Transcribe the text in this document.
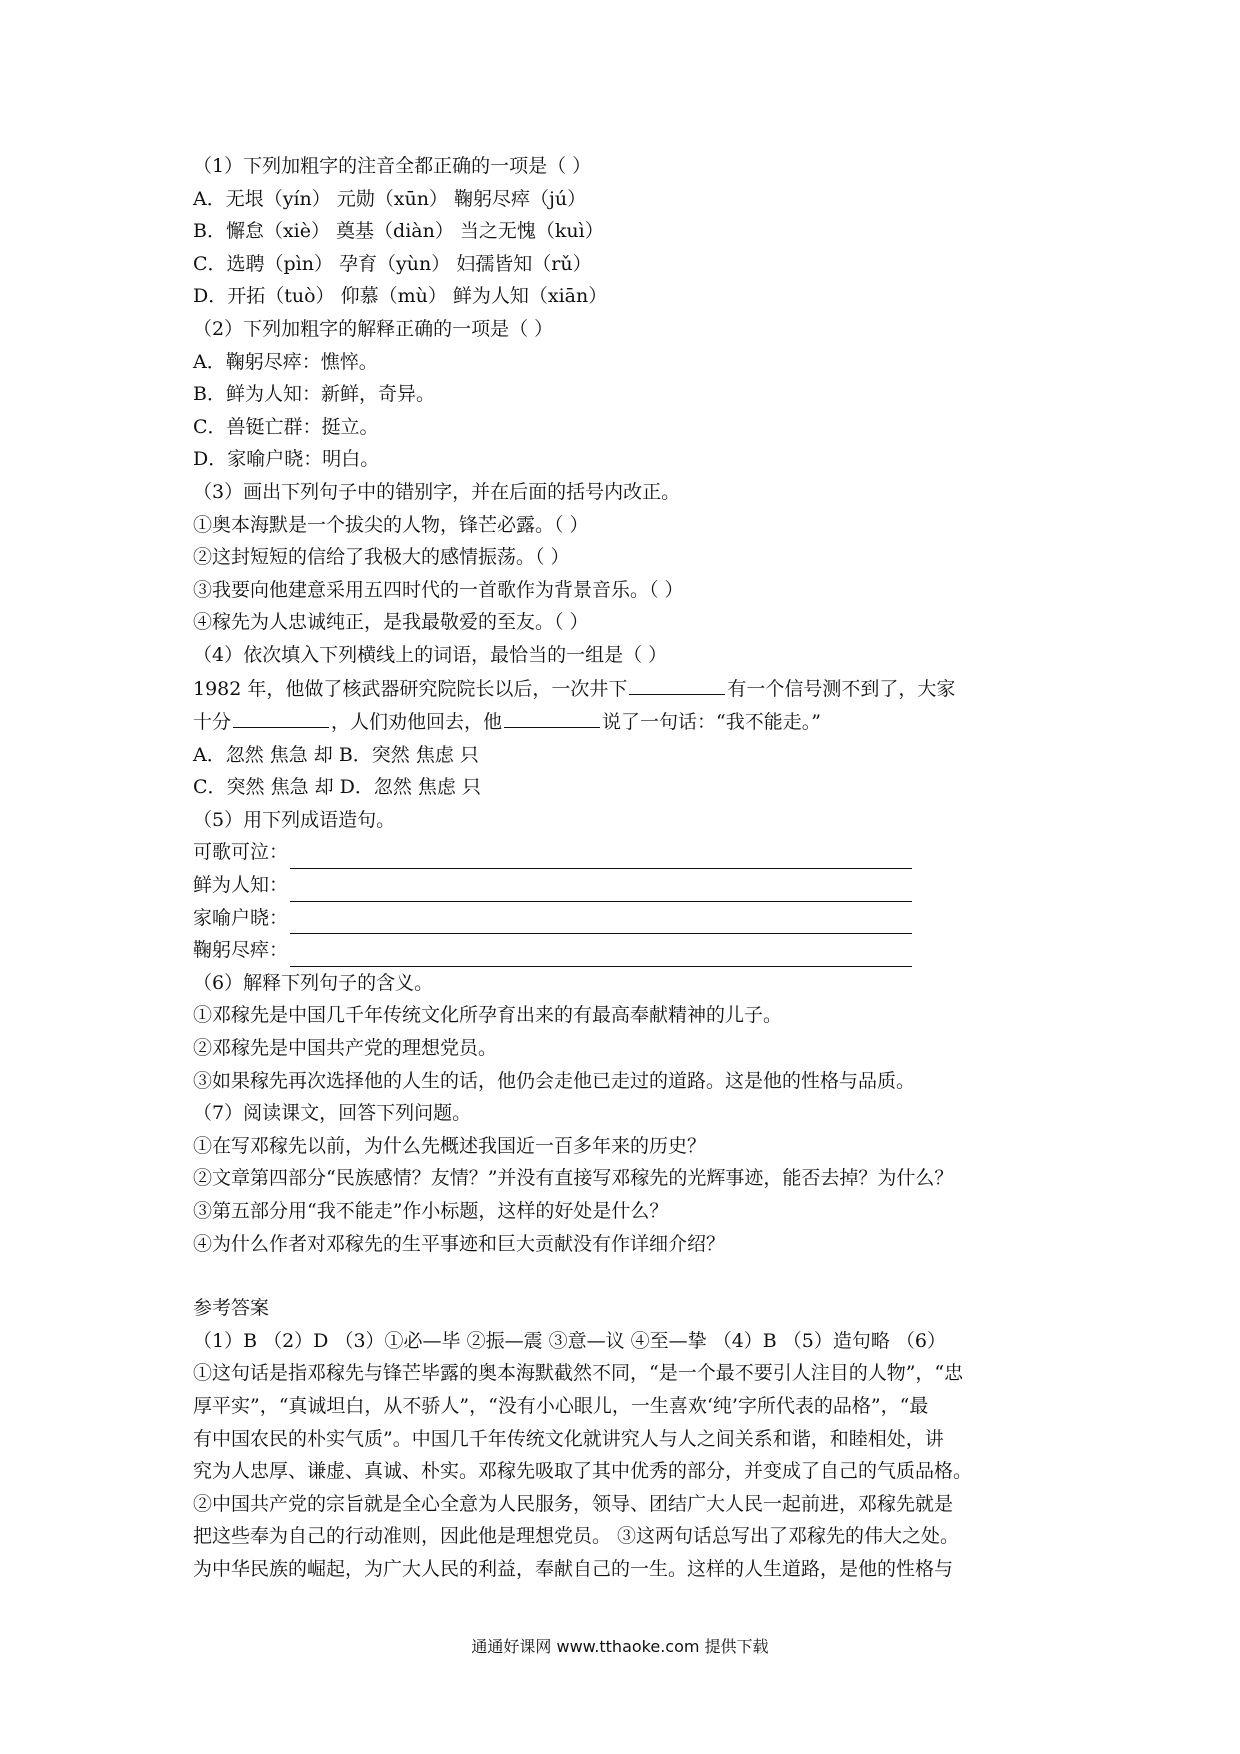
（1）下列加粗字的注音全都正确的一项是（ ）
A．无垠（yín） 元勋（xūn） 鞠躬尽瘁（jú）
B．懈怠（xiè） 奠基（diàn） 当之无愧（kuì）
C．选聘（pìn） 孕育（yùn） 妇孺皆知（rǔ）
D．开拓（tuò） 仰慕（mù） 鲜为人知（xiān）
（2）下列加粗字的解释正确的一项是（ ）
A．鞠躬尽瘁：憔悴。
B．鲜为人知：新鲜，奇异。
C．兽铤亡群：挺立。
D．家喻户晓：明白。
（3）画出下列句子中的错别字，并在后面的括号内改正。
①奥本海默是一个拔尖的人物，锋芒必露。（ ）
②这封短短的信给了我极大的感情振荡。（ ）
③我要向他建意采用五四时代的一首歌作为背景音乐。（ ）
④稼先为人忠诚纯正，是我最敬爱的至友。（ ）
（4）依次填入下列横线上的词语，最恰当的一组是（ ）
1982 年，他做了核武器研究院院长以后，一次井下	有一个信号测不到了，大家
十分	，人们劝他回去，他	说了一句话：“我不能走。”
A．忽然 焦急 却 B．突然 焦虑 只
C．突然 焦急 却 D．忽然 焦虑 只
（5）用下列成语造句。
可歌可泣：
鲜为人知：
家喻户晓：
鞠躬尽瘁：
（6）解释下列句子的含义。
①邓稼先是中国几千年传统文化所孕育出来的有最高奉献精神的儿子。
②邓稼先是中国共产党的理想党员。
③如果稼先再次选择他的人生的话，他仍会走他已走过的道路。这是他的性格与品质。
（7）阅读课文，回答下列问题。
①在写邓稼先以前，为什么先概述我国近一百多年来的历史？
②文章第四部分“民族感情？友情？”并没有直接写邓稼先的光辉事迹，能否去掉？为什么？
③第五部分用“我不能走”作小标题，这样的好处是什么？
④为什么作者对邓稼先的生平事迹和巨大贡献没有作详细介绍？
参考答案
（1）B （2）D （3）①必—毕 ②振—震 ③意—议 ④至—挚 （4）B （5）造句略 （6）
①这句话是指邓稼先与锋芒毕露的奥本海默截然不同，“是一个最不要引人注目的人物”，“忠
厚平实”，“真诚坦白，从不骄人”，“没有小心眼儿，一生喜欢‘纯’字所代表的品格”，“最
有中国农民的朴实气质”。中国几千年传统文化就讲究人与人之间关系和谐，和睦相处，讲
究为人忠厚、谦虚、真诚、朴实。邓稼先吸取了其中优秀的部分，并变成了自己的气质品格。
②中国共产党的宗旨就是全心全意为人民服务，领导、团结广大人民一起前进，邓稼先就是
把这些奉为自己的行动准则，因此他是理想党员。 ③这两句话总写出了邓稼先的伟大之处。
为中华民族的崛起，为广大人民的利益，奉献自己的一生。这样的人生道路，是他的性格与
通通好课网 www.tthaoke.com 提供下载
